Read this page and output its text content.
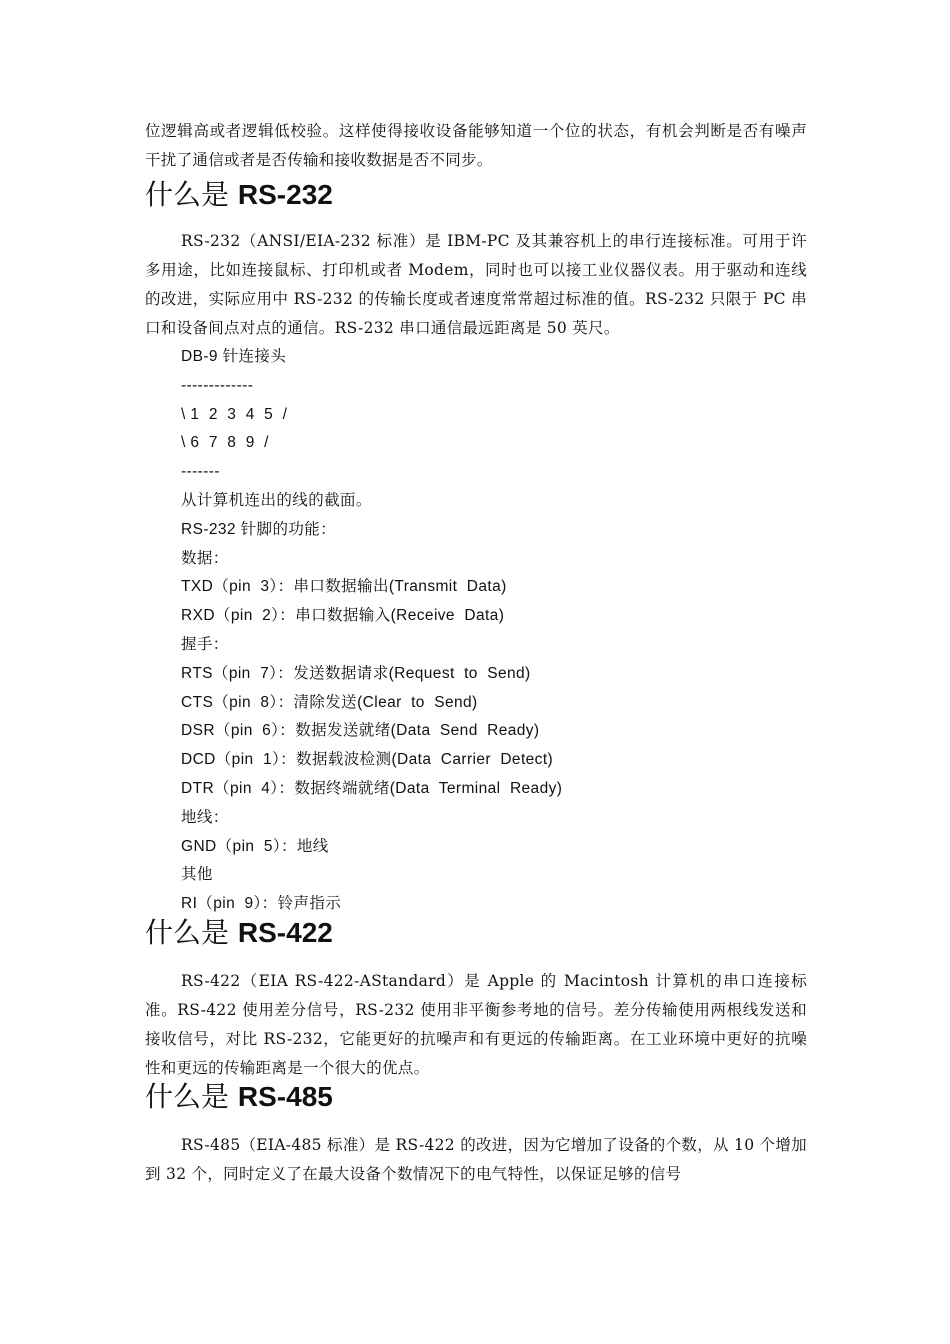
位逻辑高或者逻辑低校验。这样使得接收设备能够知道一个位的状态，有机会判断是否有噪声干扰了通信或者是否传输和接收数据是否不同步。

什么是 RS-232

RS-232（ANSI/EIA-232 标准）是 IBM-PC 及其兼容机上的串行连接标准。可用于许多用途，比如连接鼠标、打印机或者 Modem，同时也可以接工业仪器仪表。用于驱动和连线的改进，实际应用中 RS-232 的传输长度或者速度常常超过标准的值。RS-232 只限于 PC 串口和设备间点对点的通信。RS-232 串口通信最远距离是 50 英尺。

DB-9 针连接头
-------------
\ 1  2  3  4  5  /
\ 6  7  8  9  /
-------
从计算机连出的线的截面。
RS-232 针脚的功能：
数据：
TXD（pin  3）：串口数据输出(Transmit  Data)
RXD（pin  2）：串口数据输入(Receive  Data)
握手：
RTS（pin  7）：发送数据请求(Request  to  Send)
CTS（pin  8）：清除发送(Clear  to  Send)
DSR（pin  6）：数据发送就绪(Data  Send  Ready)
DCD（pin  1）：数据载波检测(Data  Carrier  Detect)
DTR（pin  4）：数据终端就绪(Data  Terminal  Ready)
地线：
GND（pin  5）：地线
其他
RI（pin  9）：铃声指示
什么是 RS-422

RS-422（EIA RS-422-AStandard）是 Apple 的 Macintosh 计算机的串口连接标准。RS-422 使用差分信号，RS-232 使用非平衡参考地的信号。差分传输使用两根线发送和接收信号，对比 RS-232，它能更好的抗噪声和有更远的传输距离。在工业环境中更好的抗噪性和更远的传输距离是一个很大的优点。

什么是 RS-485

RS-485（EIA-485 标准）是 RS-422 的改进，因为它增加了设备的个数，从 10 个增加到 32 个，同时定义了在最大设备个数情况下的电气特性，以保证足够的信号
